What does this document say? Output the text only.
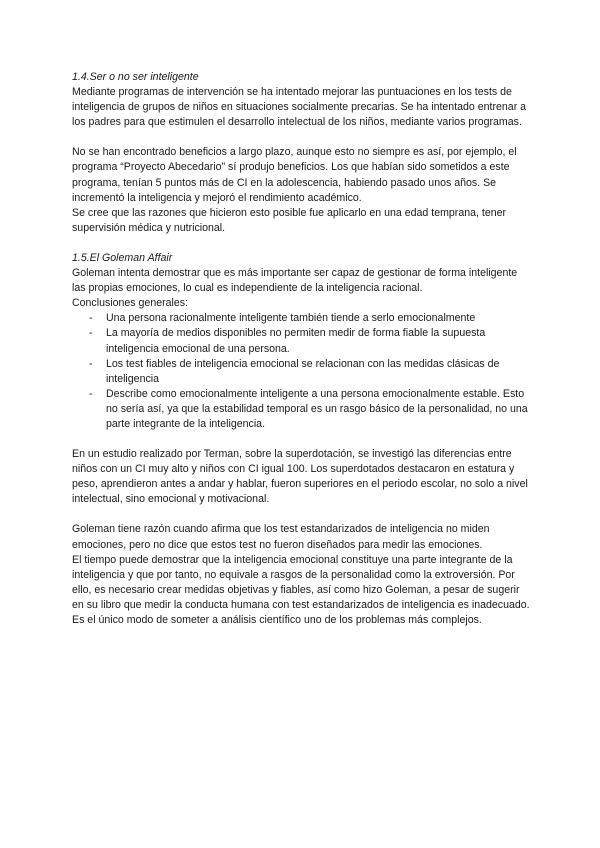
1.4.Ser o no ser inteligente

Mediante programas de intervención se ha intentado mejorar las puntuaciones en los tests de inteligencia de grupos de niños en situaciones socialmente precarias. Se ha intentado entrenar a los padres para que estimulen el desarrollo intelectual de los niños, mediante varios programas.

No se han encontrado beneficios a largo plazo, aunque esto no siempre es así, por ejemplo, el programa “Proyecto Abecedario” sí produjo beneficios. Los que habían sido sometidos a este programa, tenían 5 puntos más de CI en la adolescencia, habiendo pasado unos años. Se incrementó la inteligencia y mejoró el rendimiento académico.

Se cree que las razones que hicieron esto posible fue aplicarlo en una edad temprana, tener supervisión médica y nutricional.

1.5.El Goleman Affair

Goleman intenta demostrar que es más importante ser capaz de gestionar de forma inteligente las propias emociones, lo cual es independiente de la inteligencia racional.

Conclusiones generales:

- Una persona racionalmente inteligente también tiende a serlo emocionalmente
- La mayoría de medios disponibles no permiten medir de forma fiable la supuesta inteligencia emocional de una persona.
- Los test fiables de inteligencia emocional se relacionan con las medidas clásicas de inteligencia
- Describe como emocionalmente inteligente a una persona emocionalmente estable. Esto no sería así, ya que la estabilidad temporal es un rasgo básico de la personalidad, no una parte integrante de la inteligencia.

En un estudio realizado por Terman, sobre la superdotación, se investigó las diferencias entre niños con un CI muy alto y niños con CI igual 100. Los superdotados destacaron en estatura y peso, aprendieron antes a andar y hablar, fueron superiores en el periodo escolar, no solo a nivel intelectual, sino emocional y motivacional.

Goleman tiene razón cuando afirma que los test estandarizados de inteligencia no miden emociones, pero no dice que estos test no fueron diseñados para medir las emociones.

El tiempo puede demostrar que la inteligencia emocional constituye una parte integrante de la inteligencia y que por tanto, no equivale a rasgos de la personalidad como la extroversión. Por ello, es necesario crear medidas objetivas y fiables, así como hizo Goleman, a pesar de sugerir en su libro que medir la conducta humana con test estandarizados de inteligencia es inadecuado. Es el único modo de someter a análisis científico uno de los problemas más complejos.
